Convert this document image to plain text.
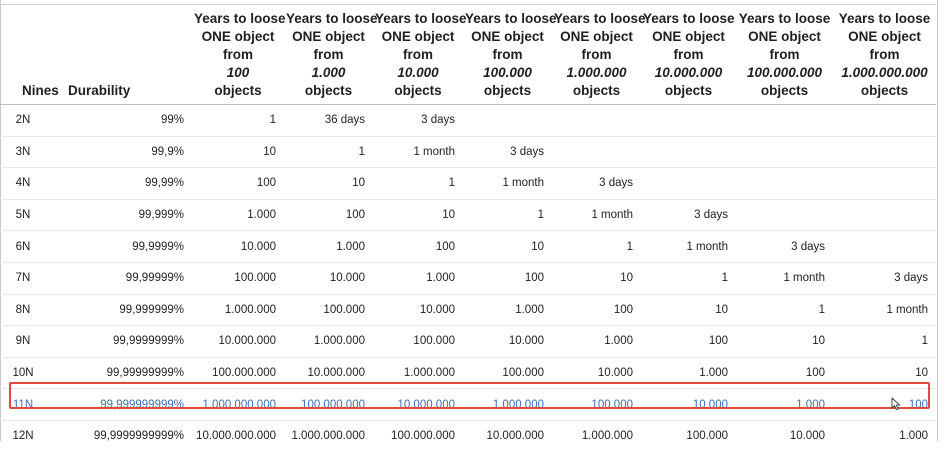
Nines	Durability	Years to loose
ONE object
from
100
objects	Years to loose
ONE object
from
1.000
objects	Years to loose
ONE object
from
10.000
objects	Years to loose
ONE object
from
100.000
objects	Years to loose
ONE object
from
1.000.000
objects	Years to loose
ONE object
from
10.000.000
objects	Years to loose
ONE object
from
100.000.000
objects	Years to loose
ONE object
from
1.000.000.000
objects
2N	99%	1	36 days	3 days					
3N	99,9%	10	1	1 month	3 days				
4N	99,99%	100	10	1	1 month	3 days			
5N	99,999%	1.000	100	10	1	1 month	3 days		
6N	99,9999%	10.000	1.000	100	10	1	1 month	3 days	
7N	99,99999%	100.000	10.000	1.000	100	10	1	1 month	3 days
8N	99,999999%	1.000.000	100.000	10.000	1.000	100	10	1	1 month
9N	99,9999999%	10.000.000	1.000.000	100.000	10.000	1.000	100	10	1
10N	99,99999999%	100.000.000	10.000.000	1.000.000	100.000	10.000	1.000	100	10
11N	99,999999999%	1.000.000.000	100.000.000	10.000.000	1.000.000	100.000	10.000	1.000	100
12N	99,9999999999%	10.000.000.000	1.000.000.000	100.000.000	10.000.000	1.000.000	100.000	10.000	1.000
